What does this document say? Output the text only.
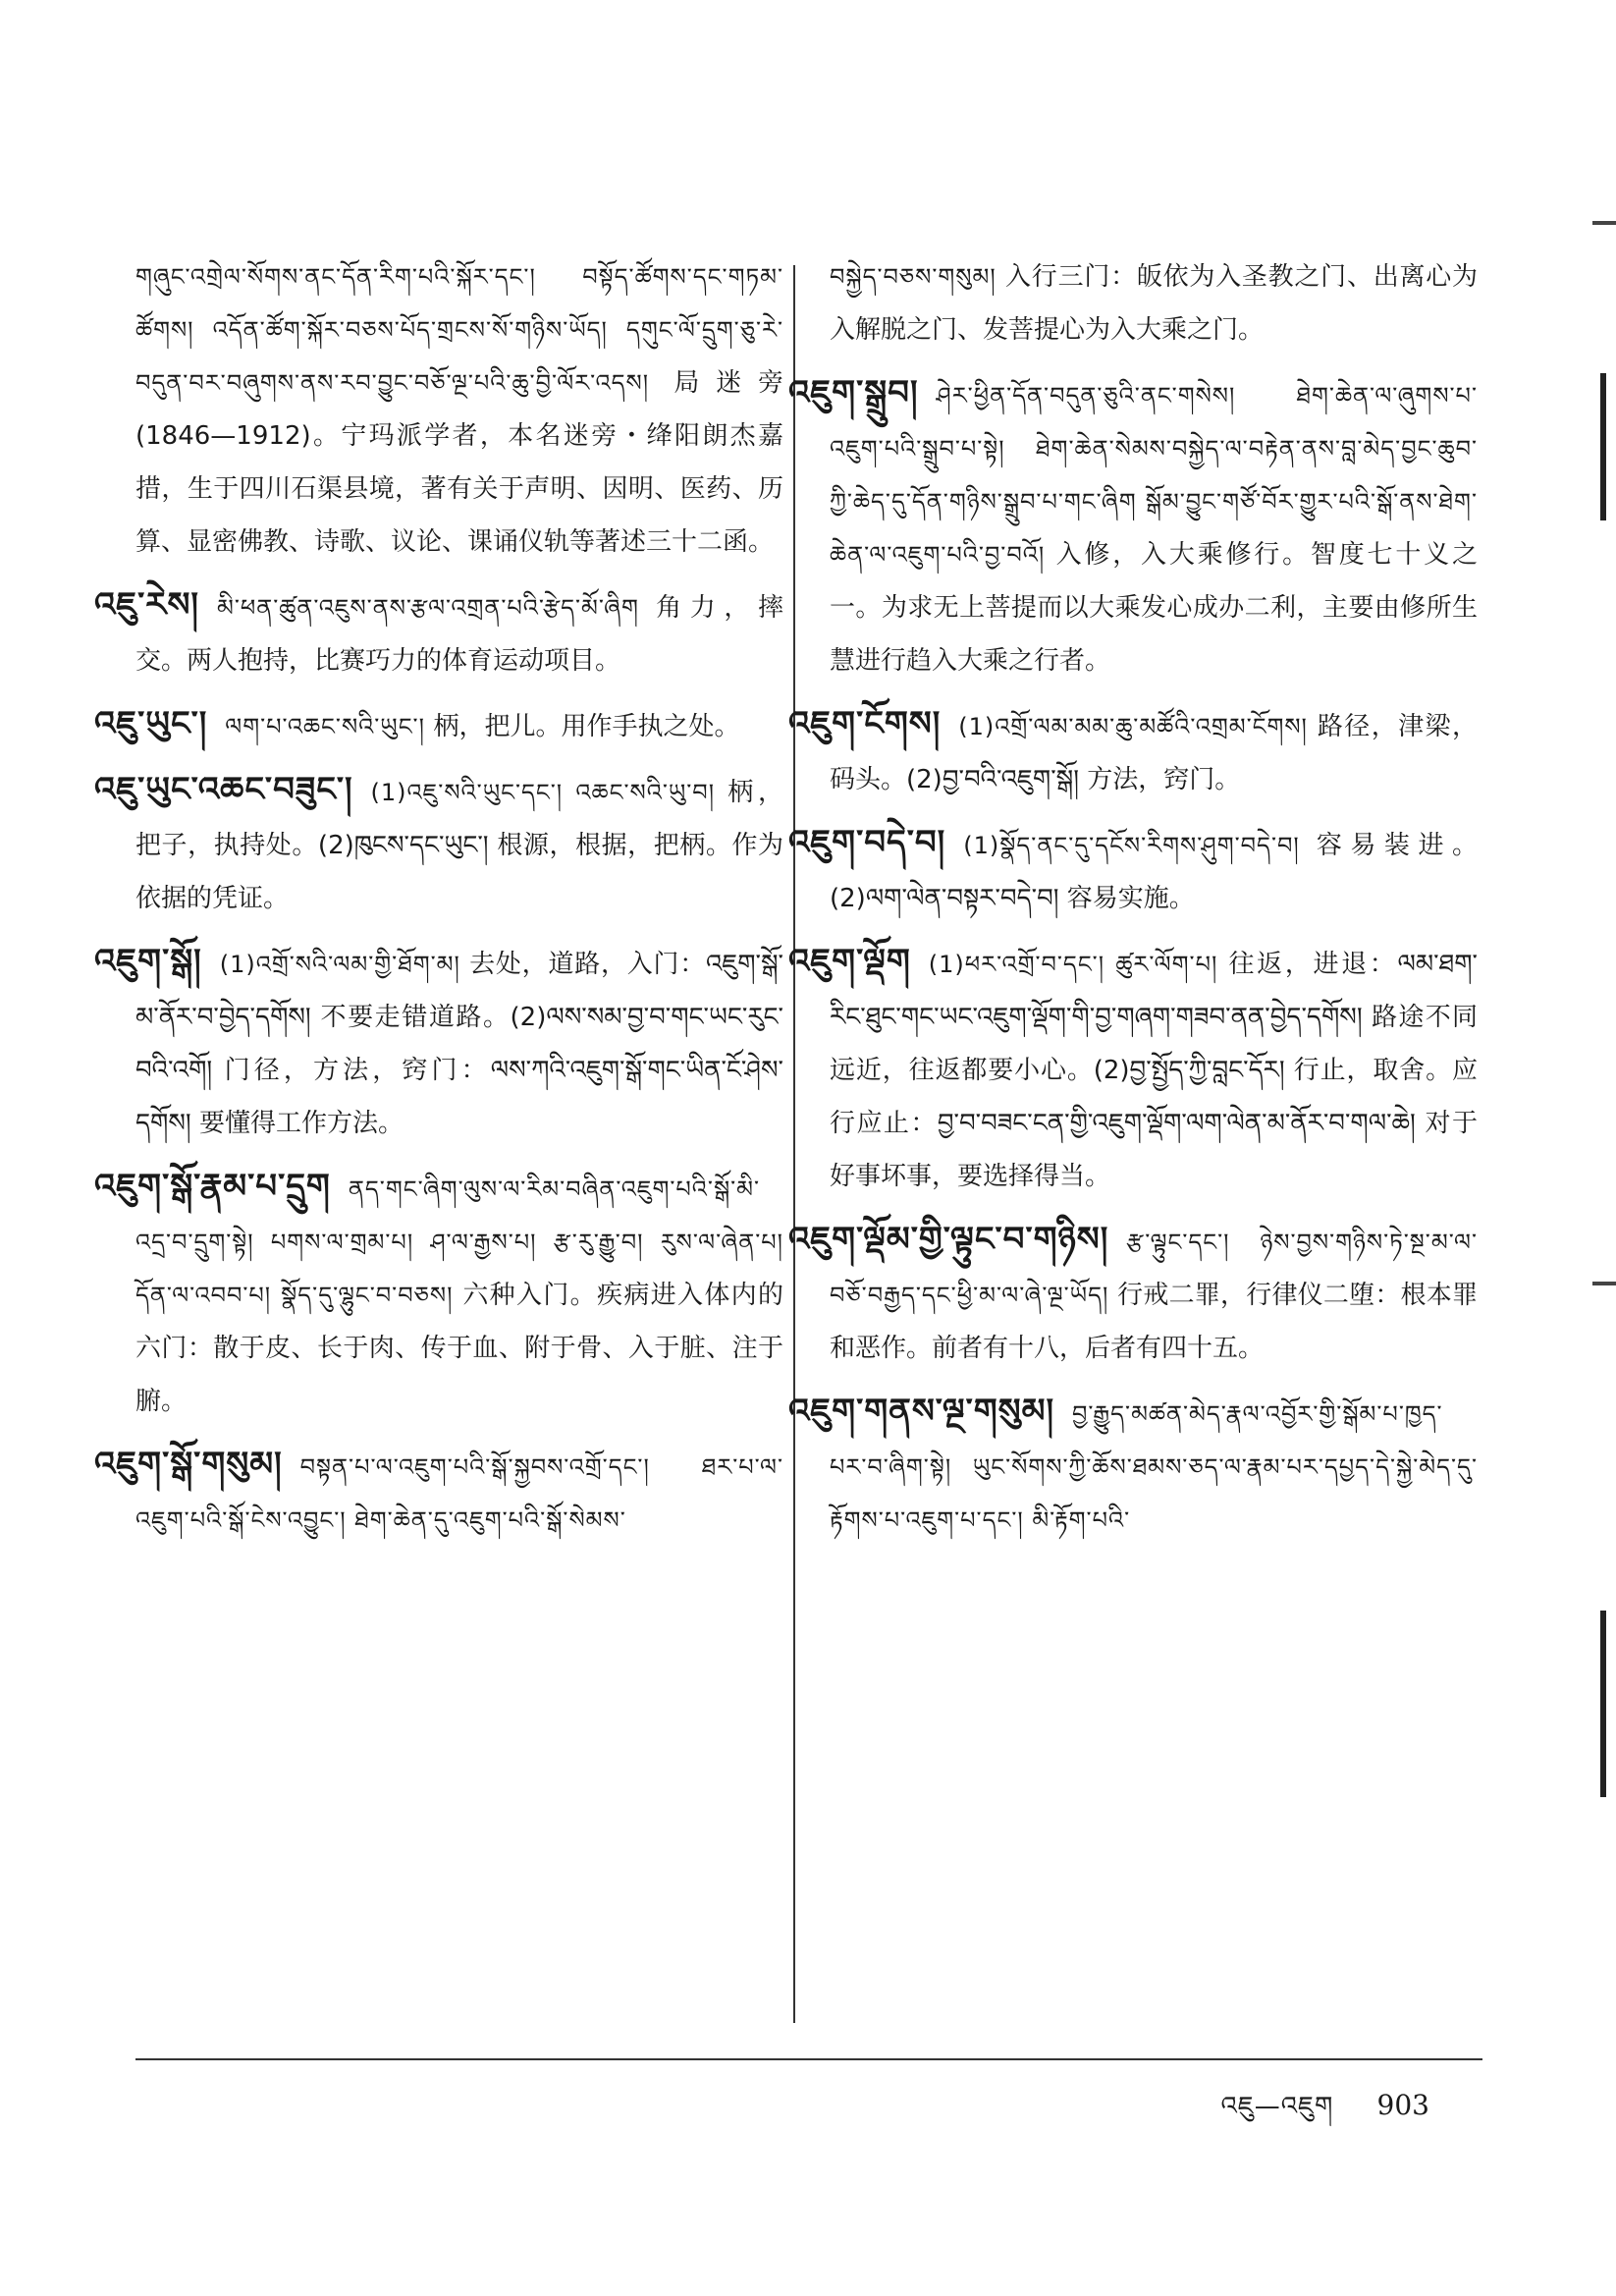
གཞུང་འགྲེལ་སོགས་ནང་དོན་རིག་པའི་སྐོར་དང་། བསྟོད་ཚོགས་དང་གཏམ་ཚོགས། འདོན་ཚོག་སྐོར་བཅས་པོད་གྲངས་སོ་གཉིས་ཡོད། དགུང་ལོ་དྲུག་ཅུ་རེ་བདུན་བར་བཞུགས་ནས་རབ་བྱུང་བཅོ་ལྔ་པའི་ཆུ་བྱི་ལོར་འདས། 局迷旁(1846—1912)。宁玛派学者，本名迷旁・绛阳朗杰嘉措，生于四川石渠县境，著有关于声明、因明、医药、历算、显密佛教、诗歌、议论、课诵仪轨等著述三十二函。

འཇུ་རེས། མི་ཕན་ཚུན་འཇུས་ནས་རྩལ་འགྲན་པའི་རྩེད་མོ་ཞིག 角力，摔交。两人抱持，比赛巧力的体育运动项目。

འཇུ་ཡུང་། ལག་པ་འཆང་སའི་ཡུང་། 柄，把儿。用作手执之处。

འཇུ་ཡུང་འཆང་བཟུང་། (1)འཇུ་སའི་ཡུང་དང་། འཆང་སའི་ཡུ་བ། 柄，把子，执持处。(2)ཁུངས་དང་ཡུང་། 根源，根据，把柄。作为依据的凭证。

འཇུག་སྒོ། (1)འགྲོ་སའི་ལམ་གྱི་ཐོག་མ། 去处，道路，入门：འཇུག་སྒོ་མ་ནོར་བ་བྱེད་དགོས། 不要走错道路。(2)ལས་སམ་བྱ་བ་གང་ཡང་རུང་བའི་འགོ། 门径，方法，窍门：ལས་ཀའི་འཇུག་སྒོ་གང་ཡིན་ངོ་ཤེས་དགོས། 要懂得工作方法。

འཇུག་སྒོ་རྣམ་པ་དྲུག ནད་གང་ཞིག་ལུས་ལ་རིམ་བཞིན་འཇུག་པའི་སྒོ་མི་འདྲ་བ་དྲུག་སྟེ། པགས་ལ་གྲམ་པ། ཤ་ལ་རྒྱས་པ། རྩ་རུ་རྒྱུ་བ། རུས་ལ་ཞེན་པ། དོན་ལ་འབབ་པ། སྣོད་དུ་ལྷུང་བ་བཅས། 六种入门。疾病进入体内的六门：散于皮、长于肉、传于血、附于骨、入于脏、注于腑。

འཇུག་སྒོ་གསུམ། བསྟན་པ་ལ་འཇུག་པའི་སྒོ་སྐྱབས་འགྲོ་དང་། ཐར་པ་ལ་འཇུག་པའི་སྒོ་ངེས་འབྱུང་། ཐེག་ཆེན་དུ་འཇུག་པའི་སྒོ་སེམས་

བསྐྱེད་བཅས་གསུམ། 入行三门：皈依为入圣教之门、出离心为入解脱之门、发菩提心为入大乘之门。

འཇུག་སྒྲུབ། ཤེར་ཕྱིན་དོན་བདུན་ཅུའི་ནང་གསེས། ཐེག་ཆེན་ལ་ཞུགས་པ་འཇུག་པའི་སྒྲུབ་པ་སྟེ། ཐེག་ཆེན་སེམས་བསྐྱེད་ལ་བརྟེན་ནས་བླ་མེད་བྱང་ཆུབ་ཀྱི་ཆེད་དུ་དོན་གཉིས་སྒྲུབ་པ་གང་ཞིག སྒོམ་བྱུང་གཙོ་བོར་གྱུར་པའི་སྒོ་ནས་ཐེག་ཆེན་ལ་འཇུག་པའི་བྱ་བའོ། 入修，入大乘修行。智度七十义之一。为求无上菩提而以大乘发心成办二利，主要由修所生慧进行趋入大乘之行者。

འཇུག་ངོགས། (1)འགྲོ་ལམ་མམ་ཆུ་མཚོའི་འགྲམ་ངོགས། 路径，津梁，码头。(2)བྱ་བའི་འཇུག་སྒོ། 方法，窍门。

འཇུག་བདེ་བ། (1)སྣོད་ནང་དུ་དངོས་རིགས་ཤུག་བདེ་བ། 容易装进。(2)ལག་ལེན་བསྟར་བདེ་བ། 容易实施。

འཇུག་ལྡོག (1)ཕར་འགྲོ་བ་དང་། ཚུར་ལོག་པ། 往返，进退：ལམ་ཐག་རིང་ཐུང་གང་ཡང་འཇུག་ལྡོག་གི་བྱ་གཞག་གཟབ་ནན་བྱེད་དགོས། 路途不同远近，往返都要小心。(2)བྱ་སྤྱོད་ཀྱི་བླང་དོར། 行止，取舍。应行应止：བྱ་བ་བཟང་ངན་གྱི་འཇུག་ལྡོག་ལག་ལེན་མ་ནོར་བ་གལ་ཆེ། 对于好事坏事，要选择得当。

འཇུག་ལྡོམ་གྱི་ལྟུང་བ་གཉིས། རྩ་ལྟུང་དང་། ཉེས་བྱས་གཉིས་ཏེ་སྔ་མ་ལ་བཅོ་བརྒྱད་དང་ཕྱི་མ་ལ་ཞེ་ལྔ་ཡོད། 行戒二罪，行律仪二堕：根本罪和恶作。前者有十八，后者有四十五。

འཇུག་གནས་ལྔ་གསུམ། བྱ་རྒྱུད་མཚན་མེད་རྣལ་འབྱོར་གྱི་སྒོམ་པ་ཁྱད་པར་བ་ཞིག་སྟེ། ཡུང་སོགས་ཀྱི་ཆོས་ཐམས་ཅད་ལ་རྣམ་པར་དཔྱད་དེ་སྐྱེ་མེད་དུ་རྟོགས་པ་འཇུག་པ་དང་། མི་རྟོག་པའི་

འཇུ—འཇུག 903
